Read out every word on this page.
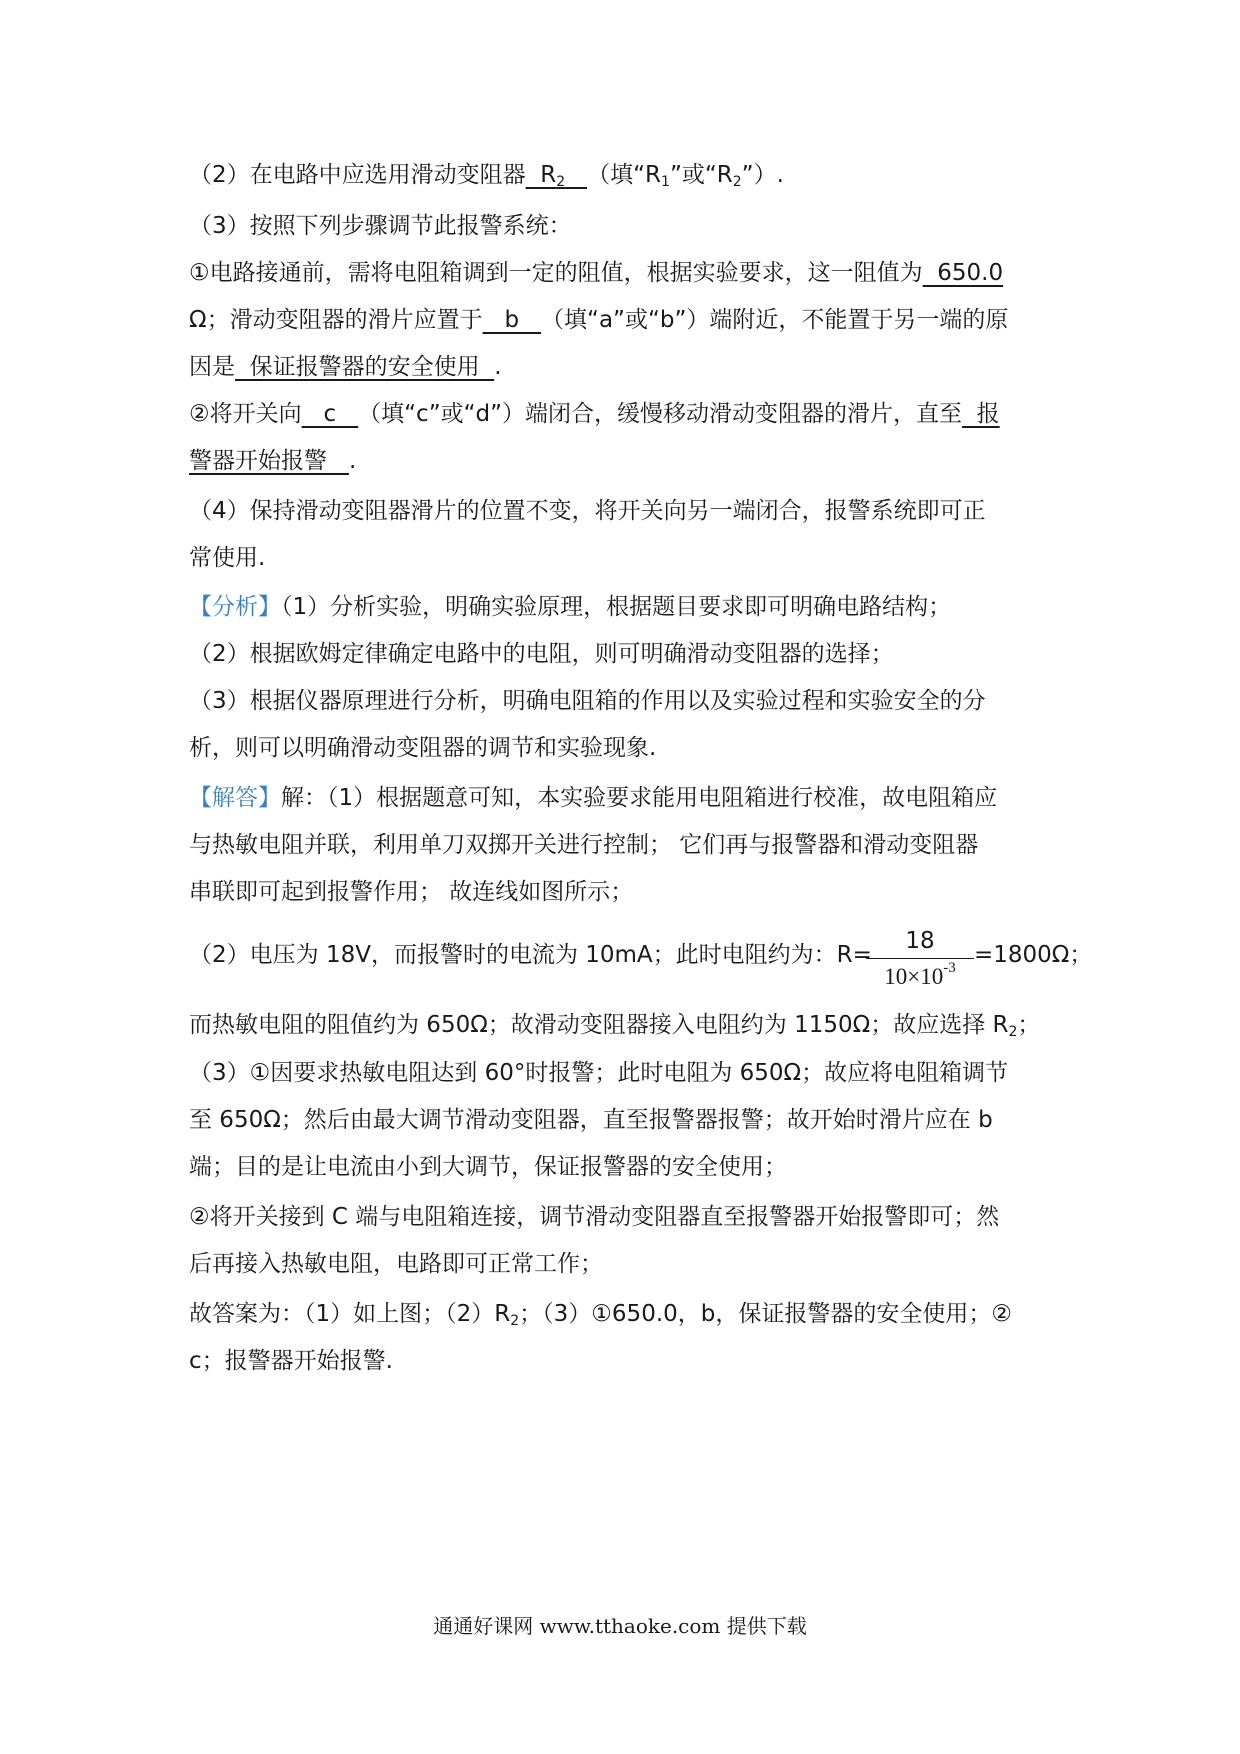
（2）在电路中应选用滑动变阻器  $R_2$ （填“$R_1$”或“$R_2$”）.
（3）按照下列步骤调节此报警系统：
①电路接通前，需将电阻箱调到一定的阻值，根据实验要求，这一阻值为  650.0
Ω；滑动变阻器的滑片应置于   b   （填“a”或“b”）端附近，不能置于另一端的原
因是  保证报警器的安全使用  .
②将开关向   c   （填“c”或“d”）端闭合，缓慢移动滑动变阻器的滑片，直至  报
警器开始报警   .
（4）保持滑动变阻器滑片的位置不变，将开关向另一端闭合，报警系统即可正
常使用.
【分析】（1）分析实验，明确实验原理，根据题目要求即可明确电路结构；
（2）根据欧姆定律确定电路中的电阻，则可明确滑动变阻器的选择；
（3）根据仪器原理进行分析，明确电阻箱的作用以及实验过程和实验安全的分
析，则可以明确滑动变阻器的调节和实验现象.
【解答】解：（1）根据题意可知，本实验要求能用电阻箱进行校准，故电阻箱应
与热敏电阻并联，利用单刀双掷开关进行控制； 它们再与报警器和滑动变阻器
串联即可起到报警作用； 故连线如图所示；
（2）电压为 18V，而报警时的电流为 10mA；此时电阻约为：R=
18
$10\times 10^{-3} =1800\Omega$；
而热敏电阻的阻值约为 650Ω；故滑动变阻器接入电阻约为 1150Ω；故应选择 $R_2$；
（3）①因要求热敏电阻达到 60°时报警；此时电阻为 650Ω；故应将电阻箱调节
至 650Ω；然后由最大调节滑动变阻器，直至报警器报警；故开始时滑片应在 b
端；目的是让电流由小到大调节，保证报警器的安全使用；
②将开关接到 C 端与电阻箱连接，调节滑动变阻器直至报警器开始报警即可；然
后再接入热敏电阻，电路即可正常工作；
故答案为：（1）如上图；$(2)R_2$；（3）①650.0，b，保证报警器的安全使用；②
c；报警器开始报警.
通通好课网 www.tthaoke.com 提供下载
